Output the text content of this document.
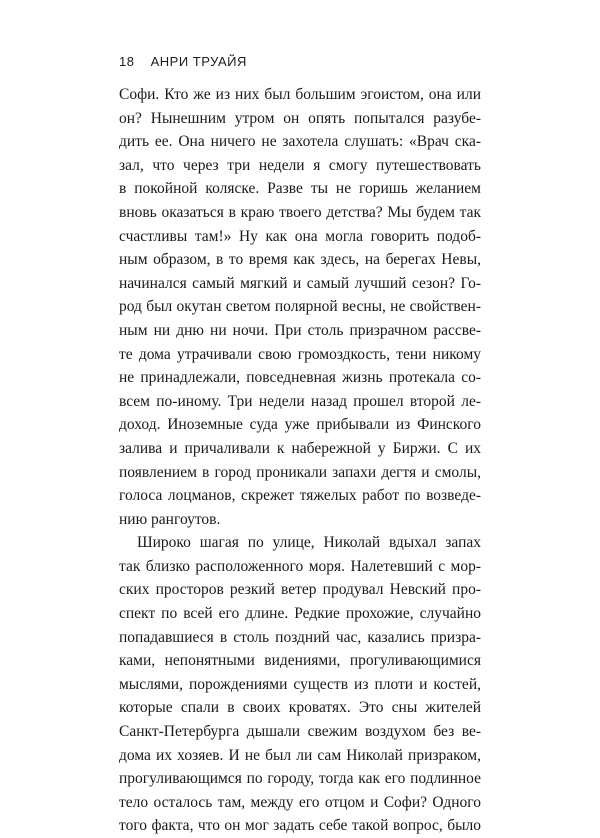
18 АНРИ ТРУАЙЯ
Софи. Кто же из них был большим эгоистом, она или
он? Нынешним утром он опять попытался разубе-
дить ее. Она ничего не захотела слушать: «Врач ска-
зал, что через три недели я смогу путешествовать
в покойной коляске. Разве ты не горишь желанием
вновь оказаться в краю твоего детства? Мы будем так
счастливы там!» Ну как она могла говорить подоб-
ным образом, в то время как здесь, на берегах Невы,
начинался самый мягкий и самый лучший сезон? Го-
род был окутан светом полярной весны, не свойствен-
ным ни дню ни ночи. При столь призрачном рассве-
те дома утрачивали свою громоздкость, тени никому
не принадлежали, повседневная жизнь протекала со-
всем по-иному. Три недели назад прошел второй ле-
доход. Иноземные суда уже прибывали из Финского
залива и причаливали к набережной у Биржи. С их
появлением в город проникали запахи дегтя и смолы,
голоса лоцманов, скрежет тяжелых работ по возведе-
нию рангоутов.
Широко шагая по улице, Николай вдыхал запах
так близко расположенного моря. Налетевший с мор-
ских просторов резкий ветер продувал Невский про-
спект по всей его длине. Редкие прохожие, случайно
попадавшиеся в столь поздний час, казались призра-
ками, непонятными видениями, прогуливающимися
мыслями, порождениями существ из плоти и костей,
которые спали в своих кроватях. Это сны жителей
Санкт-Петербурга дышали свежим воздухом без ве-
дома их хозяев. И не был ли сам Николай призраком,
прогуливающимся по городу, тогда как его подлинное
тело осталось там, между его отцом и Софи? Одного
того факта, что он мог задать себе такой вопрос, было
